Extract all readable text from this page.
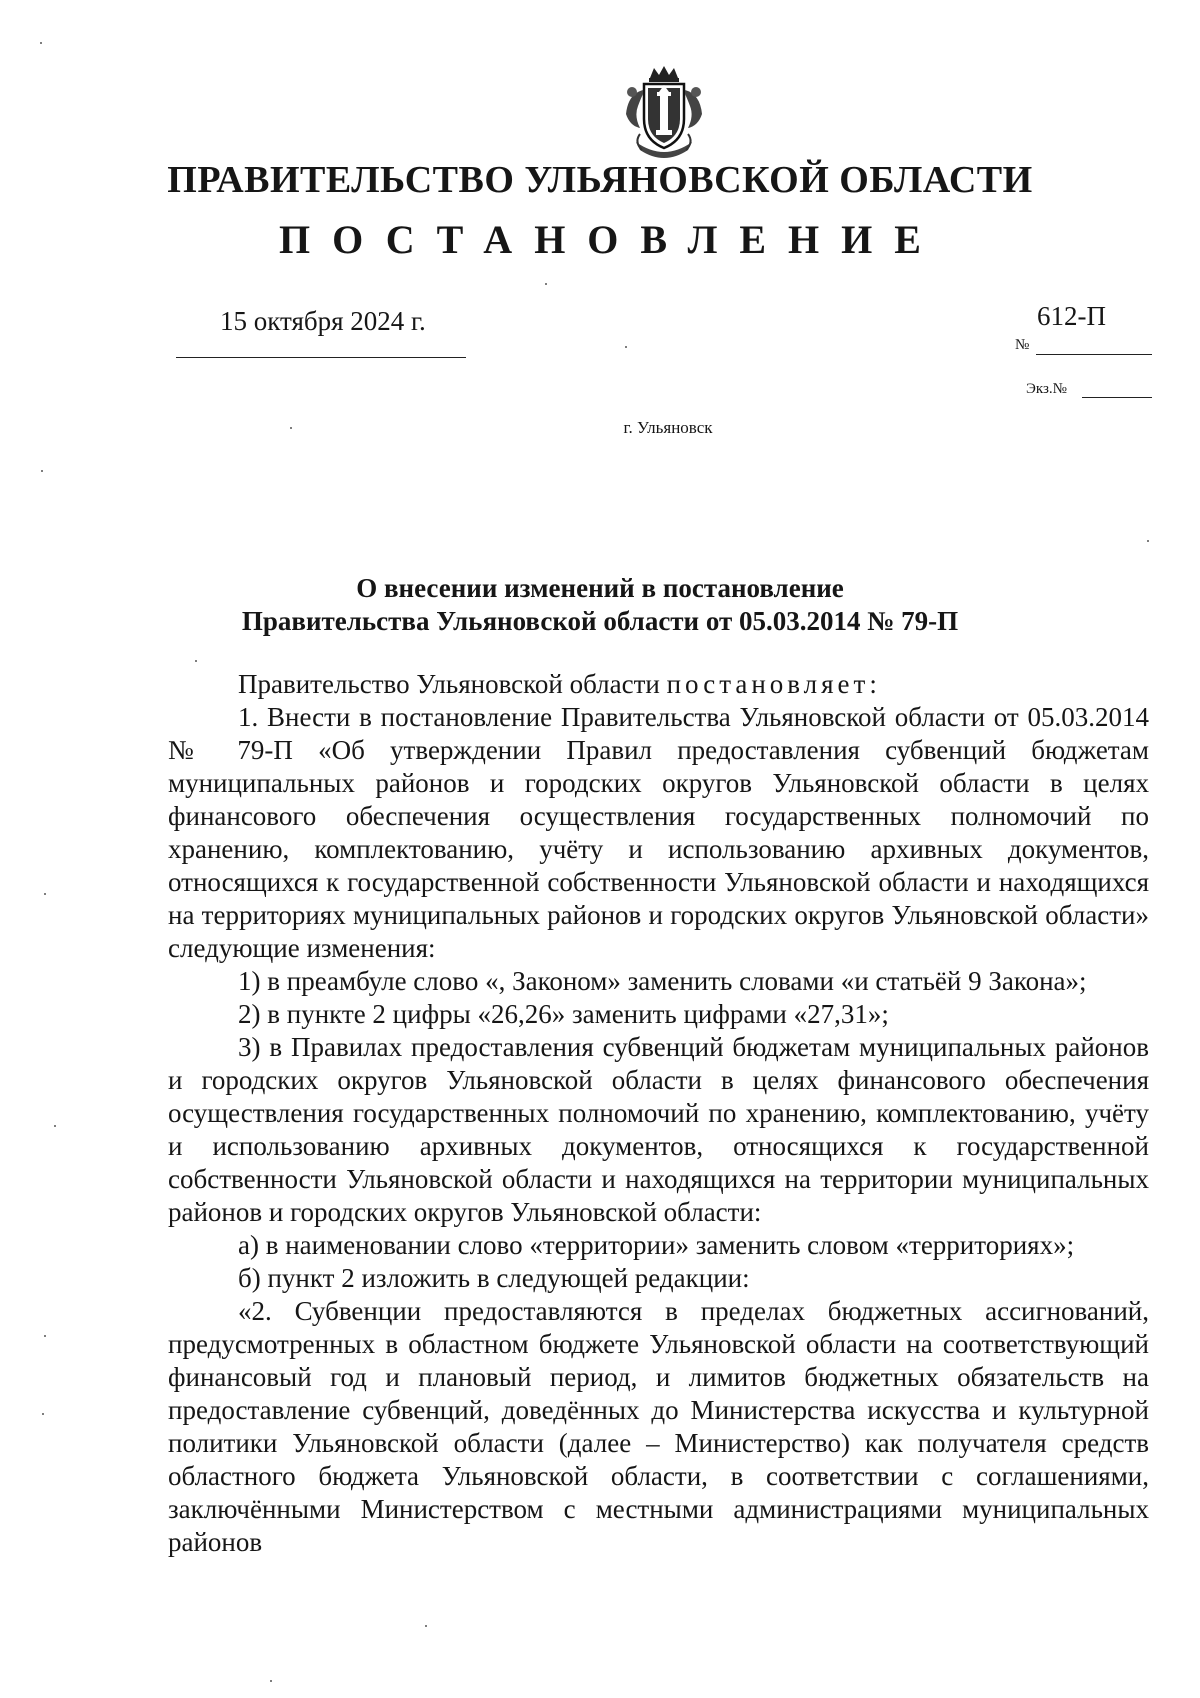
ПРАВИТЕЛЬСТВО УЛЬЯНОВСКОЙ ОБЛАСТИ
ПОСТАНОВЛЕНИЕ
15 октября 2024 г.	612-П
№
Экз.№
г. Ульяновск
О внесении изменений в постановление
Правительства Ульяновской области от 05.03.2014 № 79-П

Правительство Ульяновской области постановляет:

1. Внести в постановление Правительства Ульяновской области от 05.03.2014 № 79-П «Об утверждении Правил предоставления субвенций бюджетам муниципальных районов и городских округов Ульяновской области в целях финансового обеспечения осуществления государственных полномочий по хранению, комплектованию, учёту и использованию архивных документов, относящихся к государственной собственности Ульяновской области и находящихся на территориях муниципальных районов и городских округов Ульяновской области» следующие изменения:

1) в преамбуле слово «, Законом» заменить словами «и статьёй 9 Закона»;

2) в пункте 2 цифры «26,26» заменить цифрами «27,31»;

3) в Правилах предоставления субвенций бюджетам муниципальных районов и городских округов Ульяновской области в целях финансового обеспечения осуществления государственных полномочий по хранению, комплектованию, учёту и использованию архивных документов, относящихся к государственной собственности Ульяновской области и находящихся на территории муниципальных районов и городских округов Ульяновской области:

а) в наименовании слово «территории» заменить словом «территориях»;

б) пункт 2 изложить в следующей редакции:

«2. Субвенции предоставляются в пределах бюджетных ассигнований, предусмотренных в областном бюджете Ульяновской области на соответствующий финансовый год и плановый период, и лимитов бюджетных обязательств на предоставление субвенций, доведённых до Министерства искусства и культурной политики Ульяновской области (далее – Министерство) как получателя средств областного бюджета Ульяновской области, в соответствии с соглашениями, заключёнными Министерством с местными администрациями муниципальных районов
